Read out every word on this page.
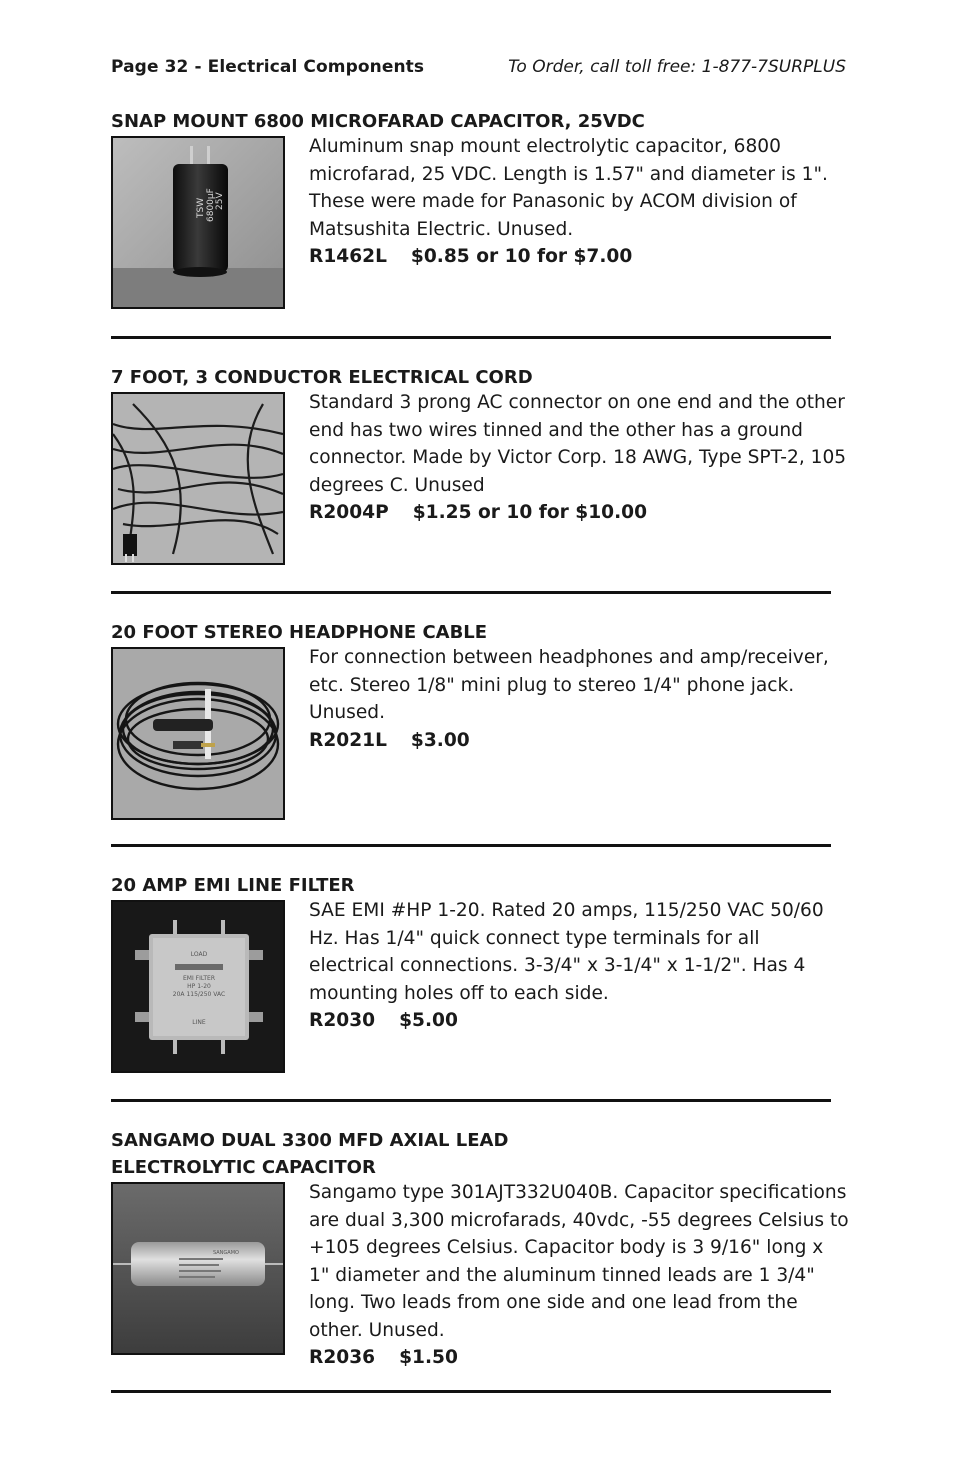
Page 32 - Electrical Components	To Order, call toll free: 1-877-7SURPLUS
SNAP MOUNT 6800 MICROFARAD CAPACITOR, 25VDC
TSW 6800µF 25V

Aluminum snap mount electrolytic capacitor, 6800 microfarad, 25 VDC. Length is 1.57" and diameter is 1". These were made for Panasonic by ACOM division of Matsushita Electric. Unused.

R1462L $0.85 or 10 for $7.00

7 FOOT, 3 CONDUCTOR ELECTRICAL CORD

Standard 3 prong AC connector on one end and the other end has two wires tinned and the other has a ground connector. Made by Victor Corp. 18 AWG, Type SPT-2, 105 degrees C. Unused

R2004P $1.25 or 10 for $10.00

20 FOOT STEREO HEADPHONE CABLE

For connection between headphones and amp/receiver, etc. Stereo 1/8" mini plug to stereo 1/4" phone jack. Unused.

R2021L $3.00

20 AMP EMI LINE FILTER
LOAD
EMI FILTER
HP 1-20
20A 115/250 VAC
LINE

SAE EMI #HP 1-20. Rated 20 amps, 115/250 VAC 50/60 Hz. Has 1/4" quick connect type terminals for all electrical connections. 3-3/4" x 3-1/4" x 1-1/2". Has 4 mounting holes off to each side.

R2030 $5.00

SANGAMO DUAL 3300 MFD AXIAL LEAD ELECTROLYTIC CAPACITOR
SANGAMO

Sangamo type 301AJT332U040B. Capacitor specifications are dual 3,300 microfarads, 40vdc, -55 degrees Celsius to +105 degrees Celsius. Capacitor body is 3 9/16" long x 1" diameter and the aluminum tinned leads are 1 3/4" long. Two leads from one side and one lead from the other. Unused.

R2036 $1.50
